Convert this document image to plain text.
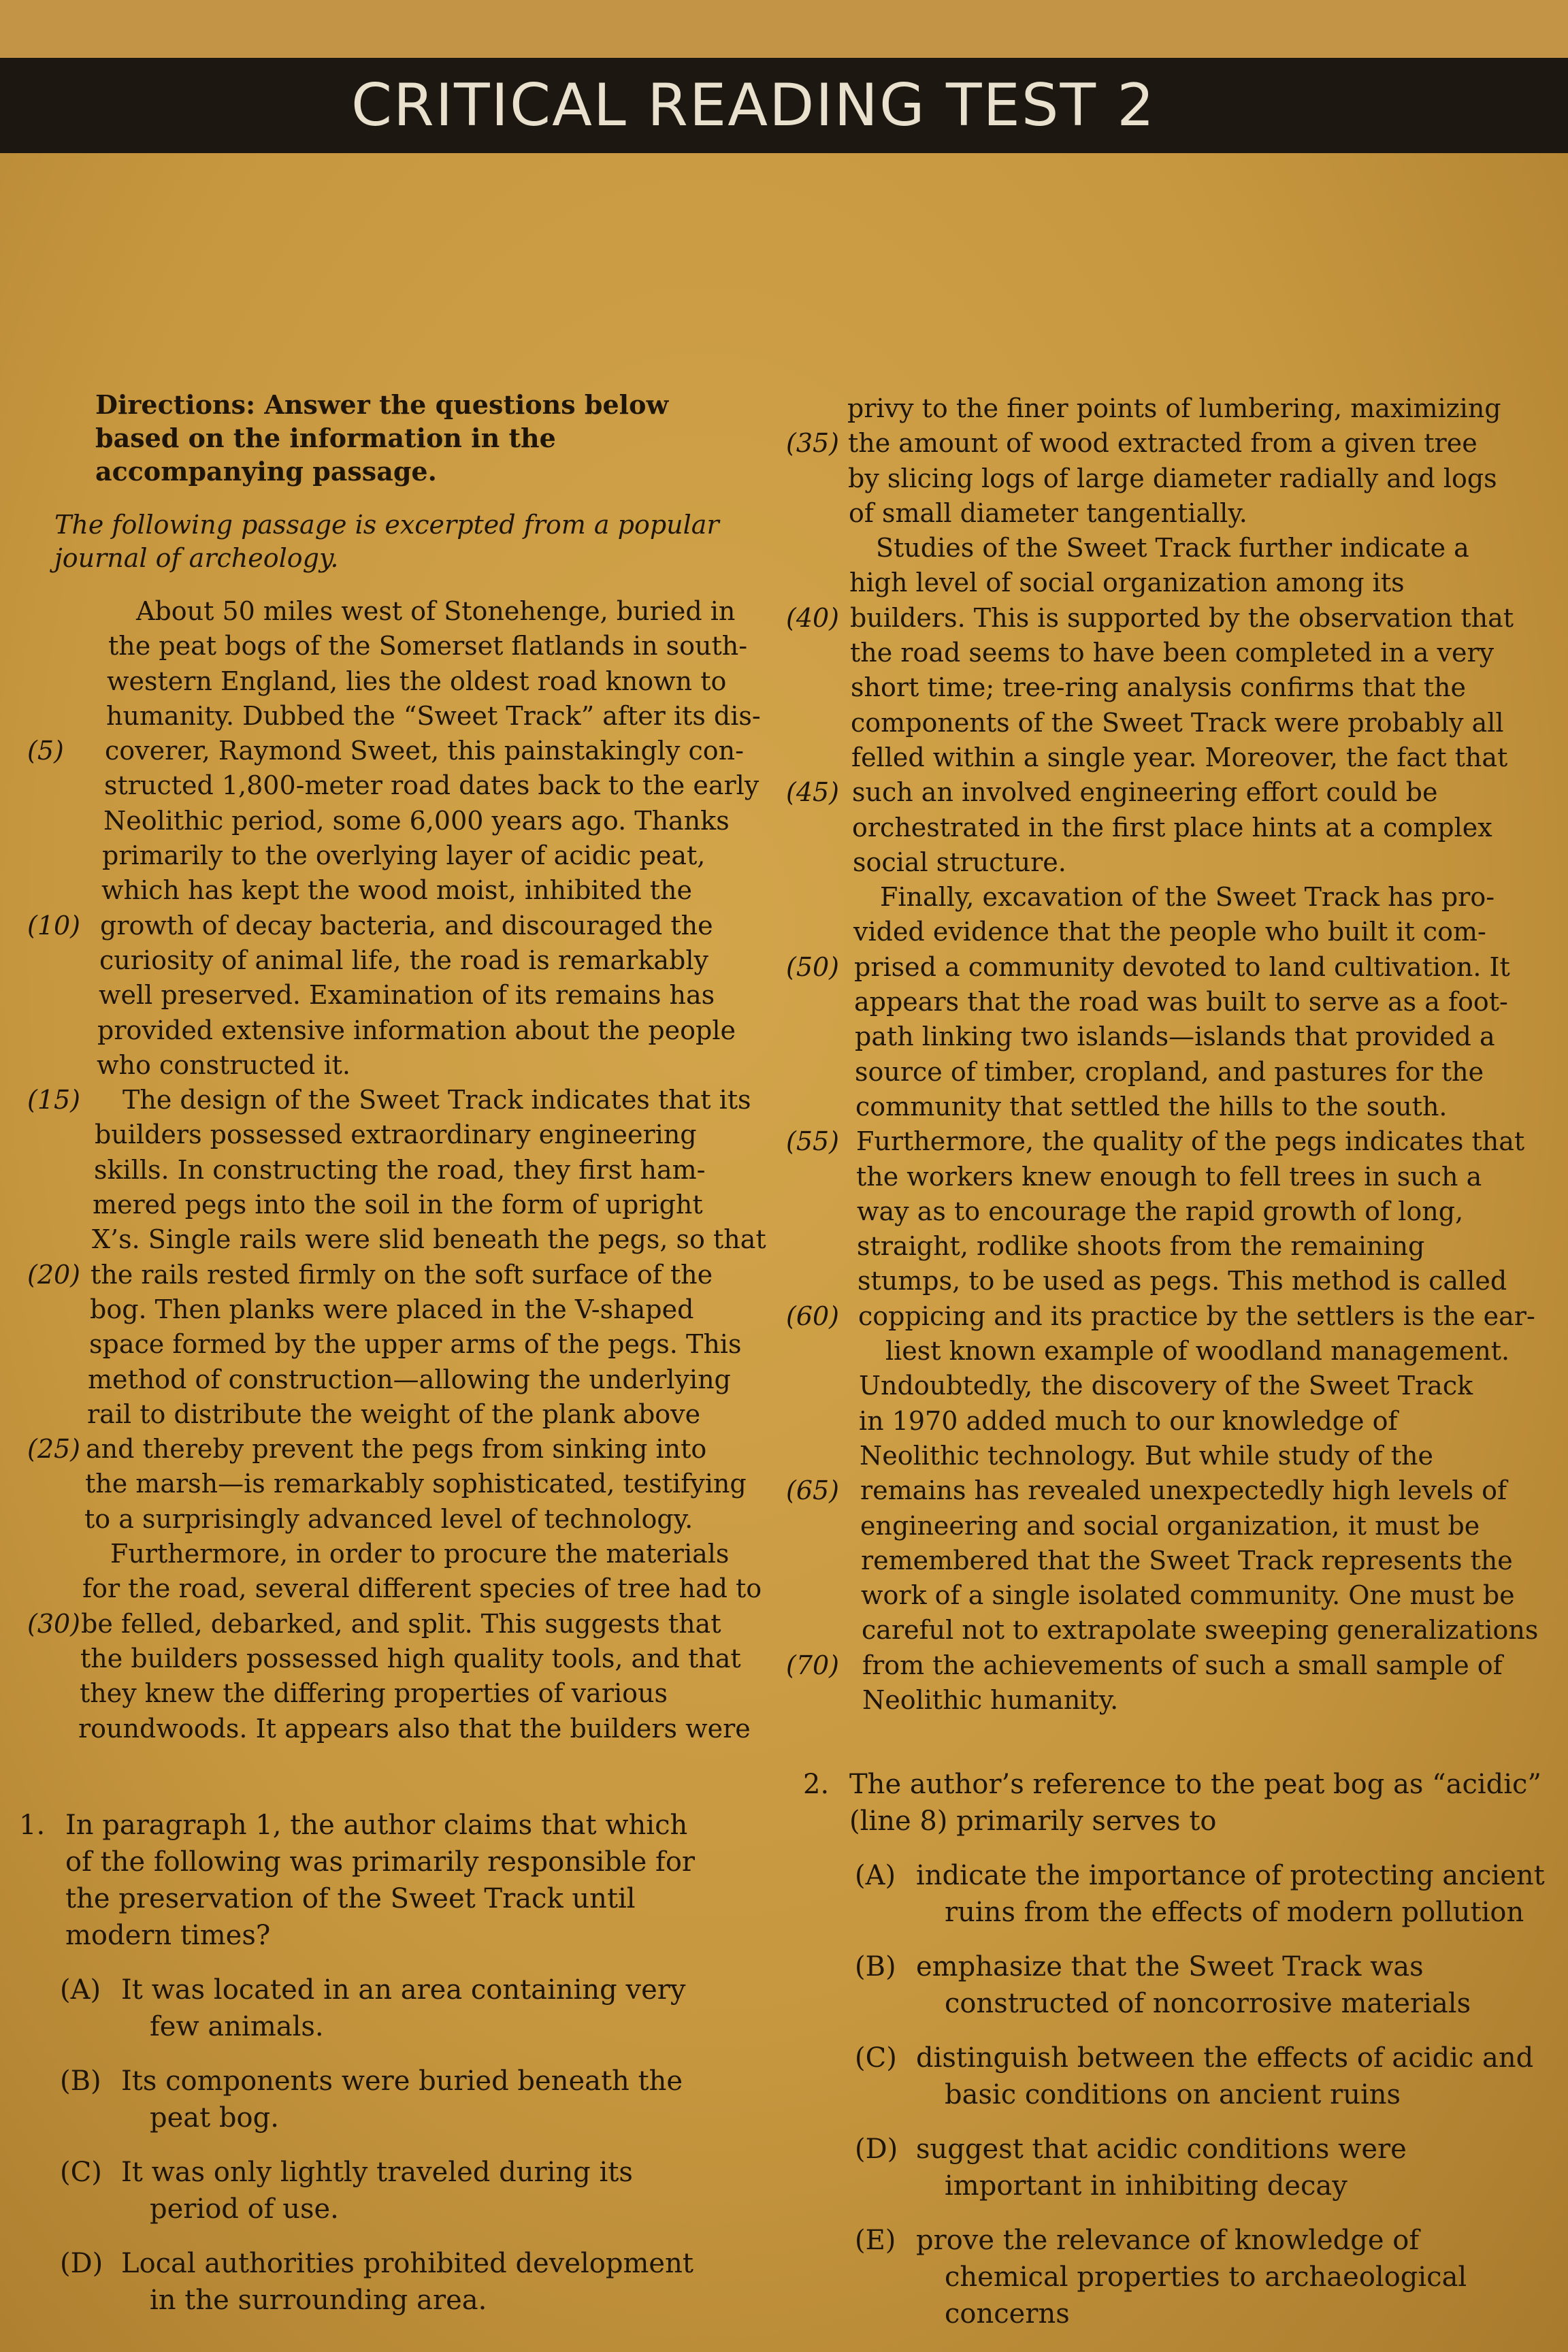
CRITICAL READING TEST 2
Directions: Answer the questions below based on the information in the accompanying passage.
The following passage is excerpted from a popular journal of archeology.
About 50 miles west of Stonehenge, buried in
the peat bogs of the Somerset flatlands in south-
western England, lies the oldest road known to
humanity. Dubbed the “Sweet Track” after its dis-
coverer, Raymond Sweet, this painstakingly con-
(5)
structed 1,800-meter road dates back to the early
Neolithic period, some 6,000 years ago. Thanks
primarily to the overlying layer of acidic peat,
which has kept the wood moist, inhibited the
growth of decay bacteria, and discouraged the
(10)
curiosity of animal life, the road is remarkably
well preserved. Examination of its remains has
provided extensive information about the people
who constructed it.
The design of the Sweet Track indicates that its
(15)
builders possessed extraordinary engineering
skills. In constructing the road, they first ham-
mered pegs into the soil in the form of upright
X’s. Single rails were slid beneath the pegs, so that
the rails rested firmly on the soft surface of the
(20)
bog. Then planks were placed in the V-shaped
space formed by the upper arms of the pegs. This
method of construction—allowing the underlying
rail to distribute the weight of the plank above
and thereby prevent the pegs from sinking into
(25)
the marsh—is remarkably sophisticated, testifying
to a surprisingly advanced level of technology.
Furthermore, in order to procure the materials
for the road, several different species of tree had to
be felled, debarked, and split. This suggests that
(30)
the builders possessed high quality tools, and that
they knew the differing properties of various
roundwoods. It appears also that the builders were
privy to the finer points of lumbering, maximizing
the amount of wood extracted from a given tree
(35)
by slicing logs of large diameter radially and logs
of small diameter tangentially.
Studies of the Sweet Track further indicate a
high level of social organization among its
builders. This is supported by the observation that
(40)
the road seems to have been completed in a very
short time; tree-ring analysis confirms that the
components of the Sweet Track were probably all
felled within a single year. Moreover, the fact that
such an involved engineering effort could be
(45)
orchestrated in the first place hints at a complex
social structure.
Finally, excavation of the Sweet Track has pro-
vided evidence that the people who built it com-
prised a community devoted to land cultivation. It
(50)
appears that the road was built to serve as a foot-
path linking two islands—islands that provided a
source of timber, cropland, and pastures for the
community that settled the hills to the south.
Furthermore, the quality of the pegs indicates that
(55)
the workers knew enough to fell trees in such a
way as to encourage the rapid growth of long,
straight, rodlike shoots from the remaining
stumps, to be used as pegs. This method is called
coppicing and its practice by the settlers is the ear-
(60)
liest known example of woodland management.
Undoubtedly, the discovery of the Sweet Track
in 1970 added much to our knowledge of
Neolithic technology. But while study of the
remains has revealed unexpectedly high levels of
(65)
engineering and social organization, it must be
remembered that the Sweet Track represents the
work of a single isolated community. One must be
careful not to extrapolate sweeping generalizations
from the achievements of such a small sample of
(70)
Neolithic humanity.
1. In paragraph 1, the author claims that which of the following was primarily responsible for the preservation of the Sweet Track until modern times?
(A) It was located in an area containing very few animals.
(B) Its components were buried beneath the peat bog.
(C) It was only lightly traveled during its period of use.
(D) Local authorities prohibited development in the surrounding area.
2. The author’s reference to the peat bog as “acidic” (line 8) primarily serves to
(A) indicate the importance of protecting ancient ruins from the effects of modern pollution
(B) emphasize that the Sweet Track was constructed of noncorrosive materials
(C) distinguish between the effects of acidic and basic conditions on ancient ruins
(D) suggest that acidic conditions were important in inhibiting decay
(E) prove the relevance of knowledge of chemical properties to archaeological concerns
